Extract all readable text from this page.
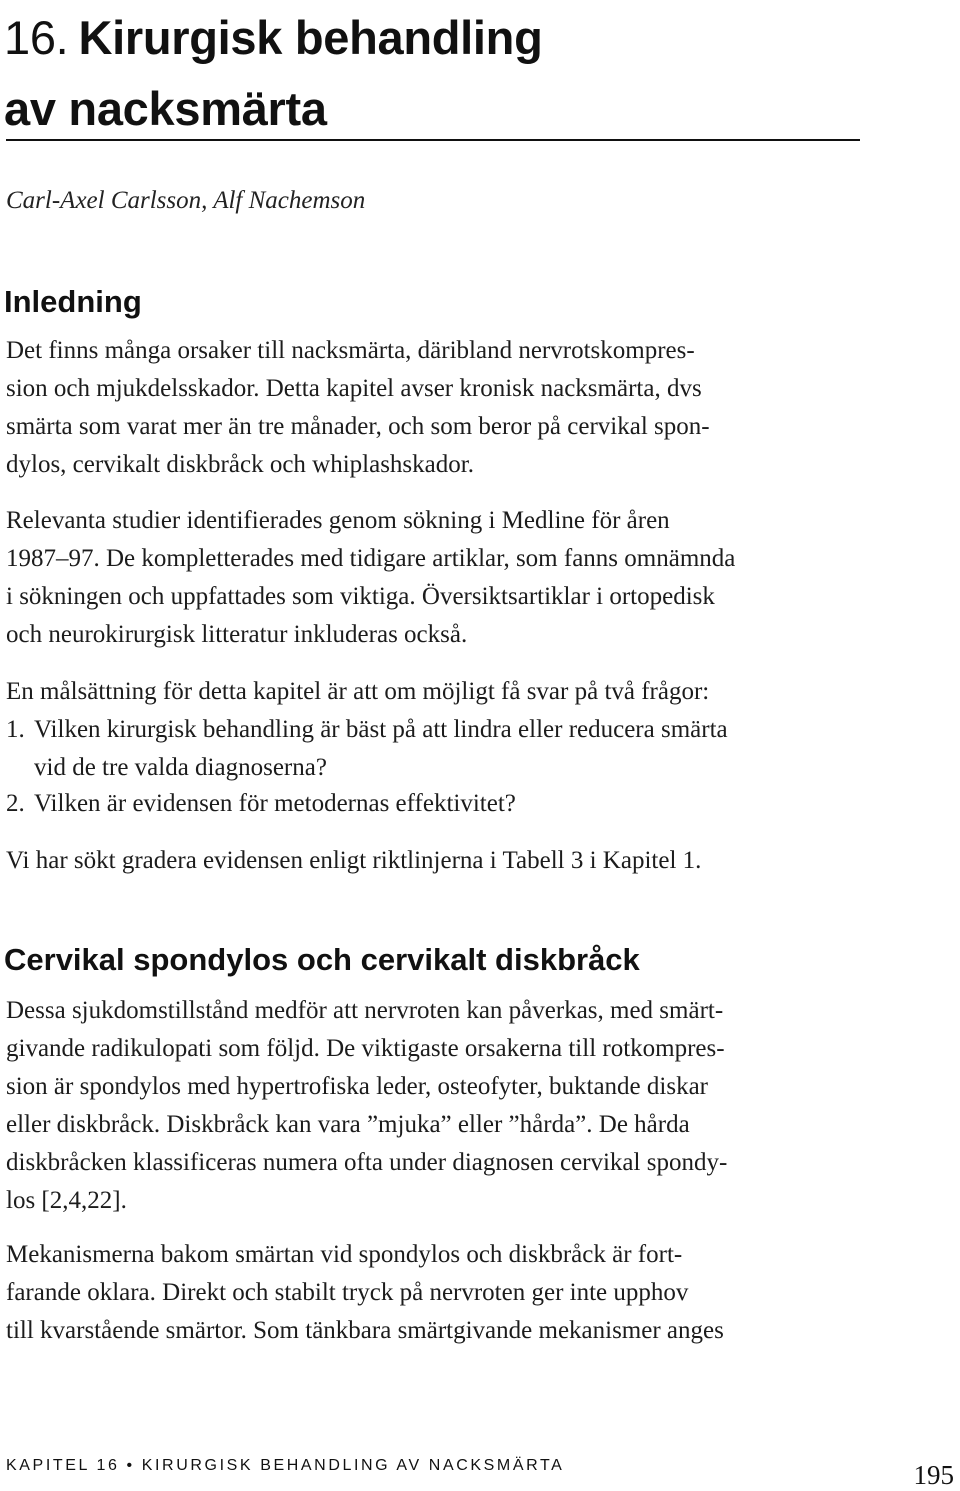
16. Kirurgisk behandling
av nacksmärta

Carl-Axel Carlsson, Alf Nachemson

Inledning

Det finns många orsaker till nacksmärta, däribland nervrotskompres-
sion och mjukdelsskador. Detta kapitel avser kronisk nacksmärta, dvs
smärta som varat mer än tre månader, och som beror på cervikal spon-
dylos, cervikalt diskbråck och whiplashskador.

Relevanta studier identifierades genom sökning i Medline för åren
1987–97. De kompletterades med tidigare artiklar, som fanns omnämnda
i sökningen och uppfattades som viktiga. Översiktsartiklar i ortopedisk
och neurokirurgisk litteratur inkluderas också.

En målsättning för detta kapitel är att om möjligt få svar på två frågor:

1. Vilken kirurgisk behandling är bäst på att lindra eller reducera smärta
vid de tre valda diagnoserna?
2. Vilken är evidensen för metodernas effektivitet?

Vi har sökt gradera evidensen enligt riktlinjerna i Tabell 3 i Kapitel 1.

Cervikal spondylos och cervikalt diskbråck

Dessa sjukdomstillstånd medför att nervroten kan påverkas, med smärt-
givande radikulopati som följd. De viktigaste orsakerna till rotkompres-
sion är spondylos med hypertrofiska leder, osteofyter, buktande diskar
eller diskbråck. Diskbråck kan vara ”mjuka” eller ”hårda”. De hårda
diskbråcken klassificeras numera ofta under diagnosen cervikal spondy-
los [2,4,22].

Mekanismerna bakom smärtan vid spondylos och diskbråck är fort-
farande oklara. Direkt och stabilt tryck på nervroten ger inte upphov
till kvarstående smärtor. Som tänkbara smärtgivande mekanismer anges

KAPITEL 16 • KIRURGISK BEHANDLING AV NACKSMÄRTA	195
